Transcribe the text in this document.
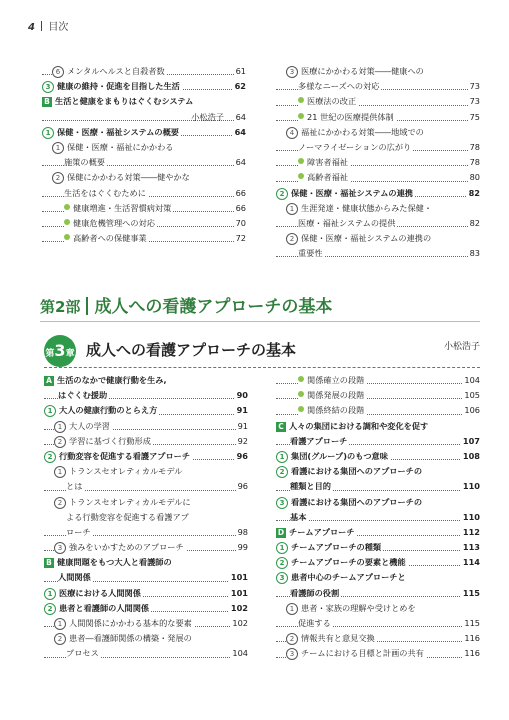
4 目次
6 メンタルヘルスと自殺者数	61
3 健康の維持・促進を目指した生活	62
B 生活と健康をまもりはぐくむシステム
小松浩子 64
1 保健・医療・福祉システムの概要	64
1 保健・医療・福祉にかかわる
施策の概要	64
2 保健にかかわる対策――健やかな
生活をはぐくむために	66
健康増進・生活習慣病対策	66
健康危機管理への対応	70
高齢者への保健事業	72
3 医療にかかわる対策――健康への
多様なニーズへの対応	73
医療法の改正	73
21 世紀の医療提供体制	75
4 福祉にかかわる対策――地域での
ノーマライゼーションの広がり	78
障害者福祉	78
高齢者福祉	80
2 保健・医療・福祉システムの連携	82
1 生涯発達・健康状態からみた保健・
医療・福祉システムの提供	82
2 保健・医療・福祉システムの連携の
重要性	83
第2部 成人への看護アプローチの基本
第3章 成人への看護アプローチの基本	小松浩子
A 生活のなかで健康行動を生み,
はぐくむ援助	90
1 大人の健康行動のとらえ方	91
1 大人の学習	91
2 学習に基づく行動形成	92
2 行動変容を促進する看護アプローチ	96
1 トランスセオレティカルモデル
とは	96
2 トランスセオレティカルモデルに
よる行動変容を促進する看護アプ
ローチ	98
3 強みをいかすためのアプローチ	99
B 健康問題をもつ大人と看護師の
人間関係	101
1 医療における人間関係	101
2 患者と看護師の人間関係	102
1 人間関係にかかわる基本的な要素	102
2 患者―看護師関係の構築・発展の
プロセス	104
関係確立の段階	104
関係発展の段階	105
関係終結の段階	106
C 人々の集団における調和や変化を促す
看護アプローチ	107
1 集団(グループ)のもつ意味	108
2 看護における集団へのアプローチの
種類と目的	110
3 看護における集団へのアプローチの
基本	110
D チームアプローチ	112
1 チームアプローチの種類	113
2 チームアプローチの要素と機能	114
3 患者中心のチームアプローチと
看護師の役割	115
1 患者・家族の理解や受けとめを
促進する	115
2 情報共有と意見交換	116
3 チームにおける目標と計画の共有	116
